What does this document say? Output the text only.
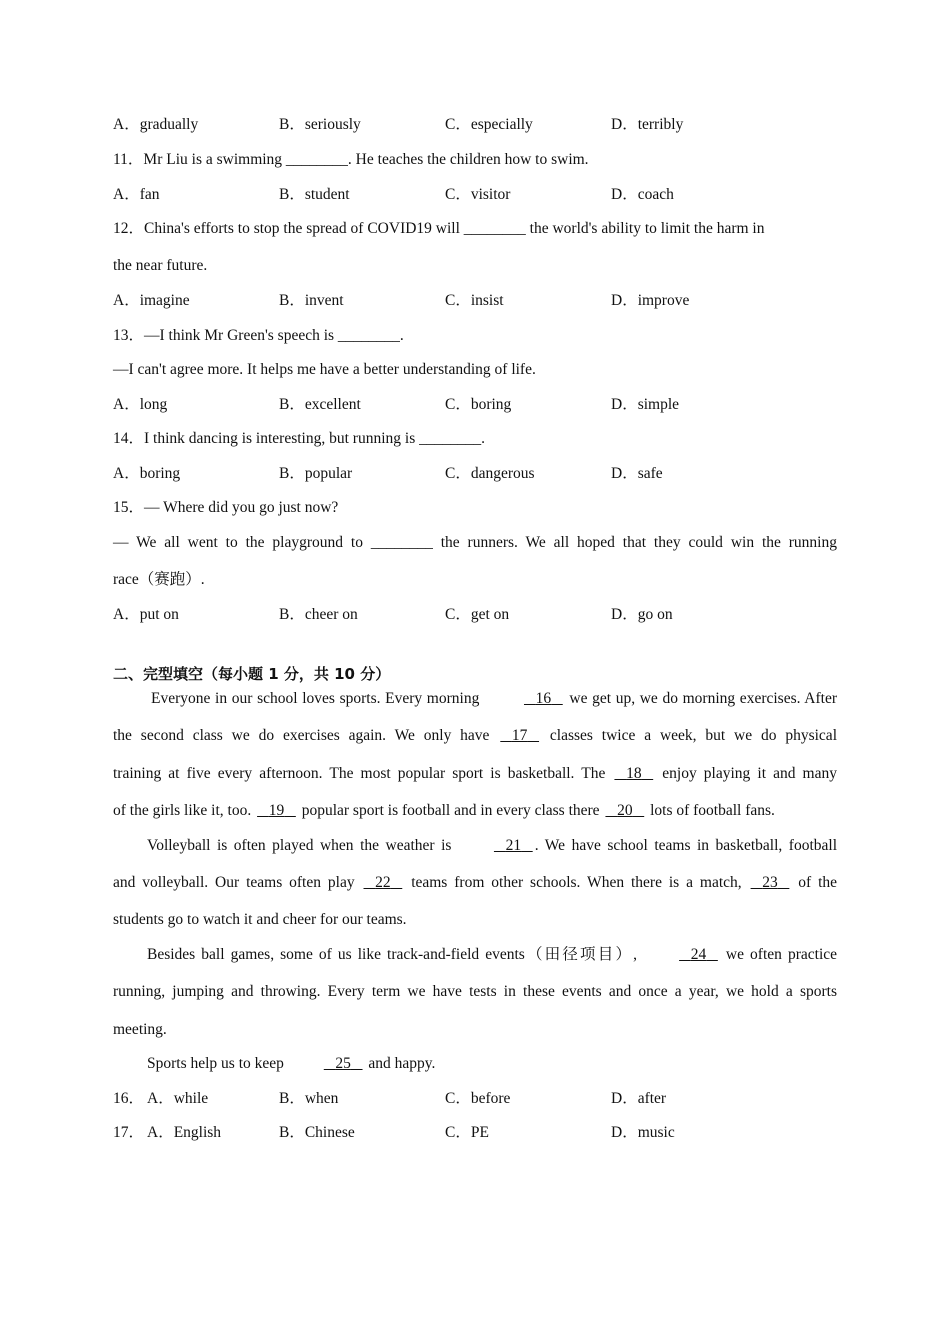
A．gradually	B．seriously	C．especially	D．terribly
11．Mr Liu is a swimming ________. He teaches the children how to swim.
A．fan	B．student	C．visitor	D．coach
12．China's efforts to stop the spread of COVID19 will ________ the world's ability to limit the harm in
the near future.
A．imagine	B．invent	C．insist	D．improve
13．—I think Mr Green's speech is ________.
—I can't agree more. It helps me have a better understanding of life.
A．long	B．excellent	C．boring	D．simple
14．I think dancing is interesting, but running is ________.
A．boring	B．popular	C．dangerous	D．safe
15．— Where did you go just now?
— We all went to the playground to ________ the runners. We all hoped that they could win the running
race（赛跑）.
A．put on	B．cheer on	C．get on	D．go on
二、完型填空（每小题 1 分，共 10 分）
Everyone in our school loves sports. Every morning	16 we get up, we do morning exercises. After
the second class we do exercises again. We only have 17 classes twice a week, but we do physical
training at five every afternoon. The most popular sport is basketball. The 18 enjoy playing it and many
of the girls like it, too. 19 popular sport is football and in every class there 20 lots of football fans.
Volleyball is often played when the weather is	21 . We have school teams in basketball, football
and volleyball. Our teams often play 22 teams from other schools. When there is a match, 23 of the
students go to watch it and cheer for our teams.
Besides ball games, some of us like track-and-field events（田径项目）,	24 we often practice
running, jumping and throwing. Every term we have tests in these events and once a year, we hold a sports
meeting.
Sports help us to keep	25 and happy.
16． A．while	B．when	C．before	D．after
17． A．English	B．Chinese	C．PE	D．music
